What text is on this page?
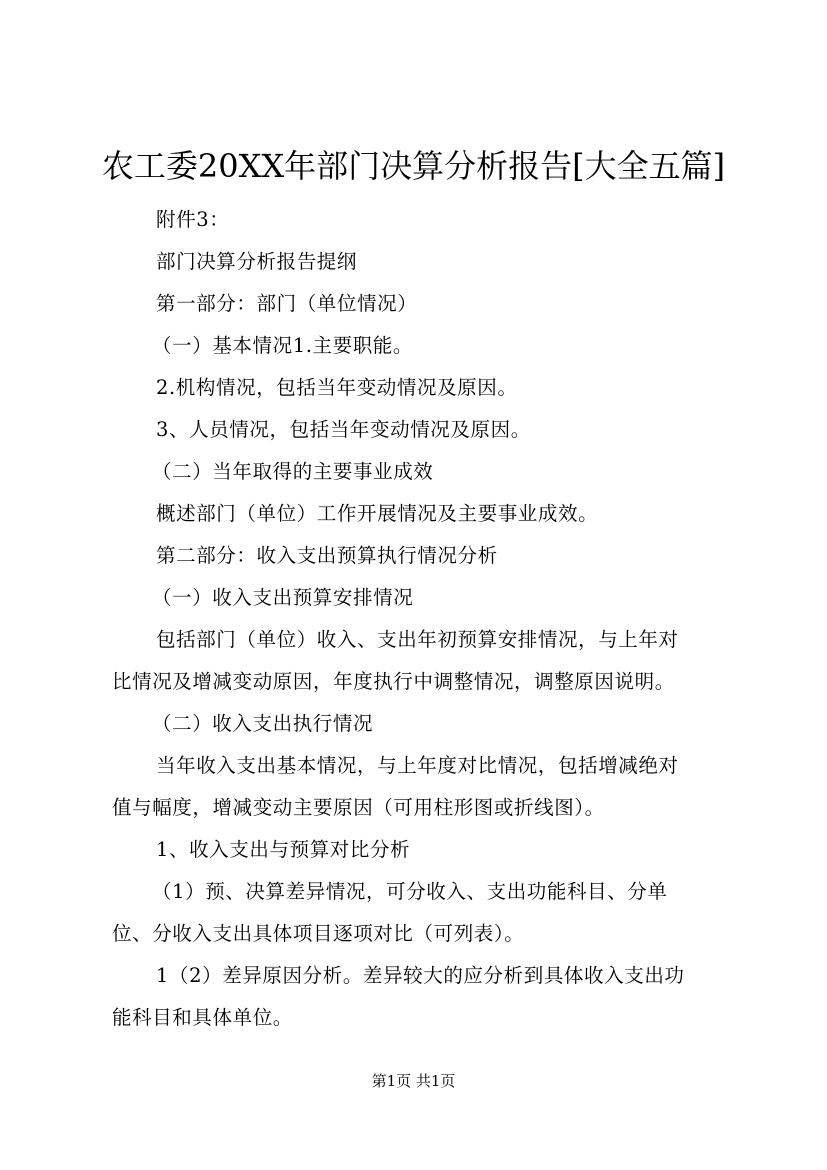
农工委20XX年部门决算分析报告[大全五篇]

附件3：

部门决算分析报告提纲

第一部分：部门（单位情况）

（一）基本情况1.主要职能。

2.机构情况，包括当年变动情况及原因。

3、人员情况，包括当年变动情况及原因。

（二）当年取得的主要事业成效

概述部门（单位）工作开展情况及主要事业成效。

第二部分：收入支出预算执行情况分析

（一）收入支出预算安排情况

包括部门（单位）收入、支出年初预算安排情况，与上年对

比情况及增减变动原因，年度执行中调整情况，调整原因说明。

（二）收入支出执行情况

当年收入支出基本情况，与上年度对比情况，包括增减绝对

值与幅度，增减变动主要原因（可用柱形图或折线图）。

1、收入支出与预算对比分析

（1）预、决算差异情况，可分收入、支出功能科目、分单

位、分收入支出具体项目逐项对比（可列表）。

1（2）差异原因分析。差异较大的应分析到具体收入支出功

能科目和具体单位。

第1页 共1页
